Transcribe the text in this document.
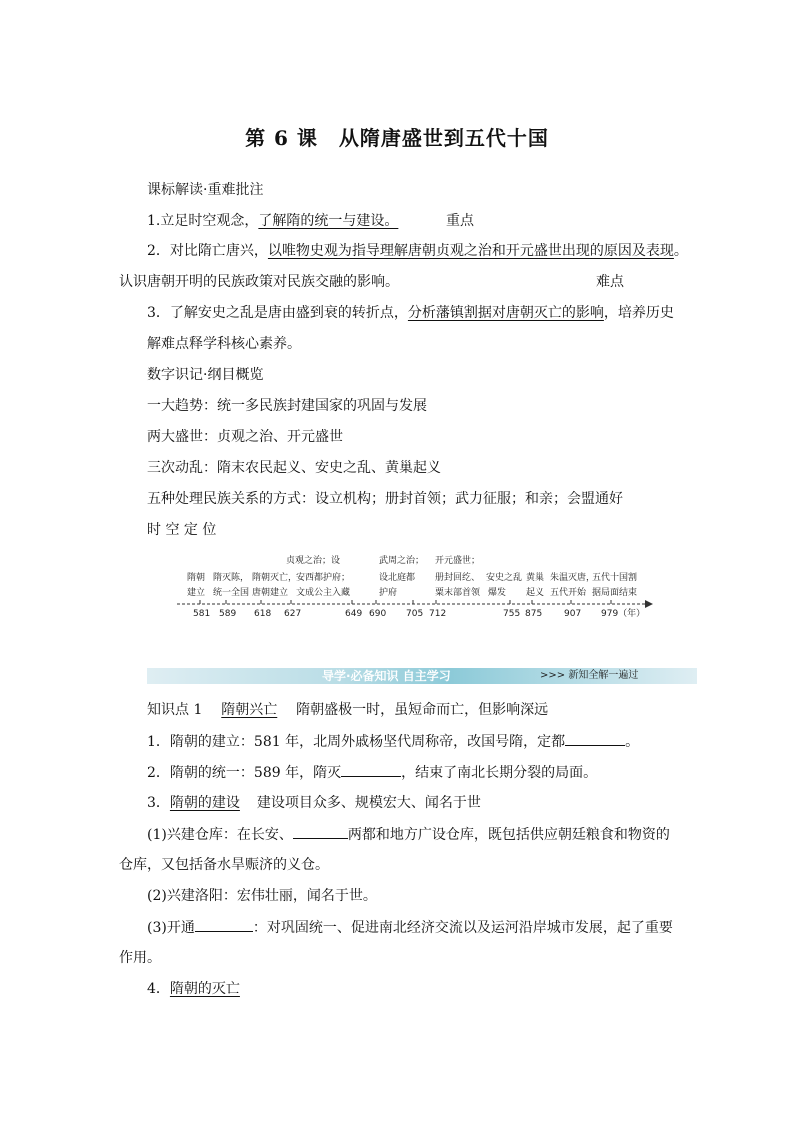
第 6 课　从隋唐盛世到五代十国
课标解读·重难批注
1.立足时空观念，了解隋的统一与建设。	重点
2．对比隋亡唐兴，以唯物史观为指导理解唐朝贞观之治和开元盛世出现的原因及表现。
认识唐朝开明的民族政策对民族交融的影响。	难点
3．了解安史之乱是唐由盛到衰的转折点，分析藩镇割据对唐朝灭亡的影响，培养历史
解难点释学科核心素养。
数字识记·纲目概览
一大趋势：统一多民族封建国家的巩固与发展
两大盛世：贞观之治、开元盛世
三次动乱：隋末农民起义、安史之乱、黄巢起义
五种处理民族关系的方式：设立机构；册封首领；武力征服；和亲；会盟通好
时 空 定 位
贞观之治；设	武周之治； 开元盛世；
隋朝 隋灭陈， 隋朝灭亡，
安西都护府；	设北庭都 册封回纥、 安史之乱 黄巢 朱温灭唐，
五代十国割
建立 统一全国 唐朝建立 文成公主入藏	护府	粟末部首领 爆发 起义 五代开始 据局面结束
581 589 618 627	649 690 705 712	755 875 907 979（年）
导学·必备知识 自主学习	>>> 新知全解一遍过
知识点 1 隋朝兴亡 隋朝盛极一时，虽短命而亡，但影响深远
1．隋朝的建立：581 年，北周外戚杨坚代周称帝，改国号隋，定都	。
2．隋朝的统一：589 年，隋灭	，结束了南北长期分裂的局面。
3．隋朝的建设 建设项目众多、规模宏大、闻名于世
(1)兴建仓库：在长安、	两都和地方广设仓库，既包括供应朝廷粮食和物资的
仓库，又包括备水旱赈济的义仓。
(2)兴建洛阳：宏伟壮丽，闻名于世。
(3)开通	：对巩固统一、促进南北经济交流以及运河沿岸城市发展，起了重要
作用。
4．隋朝的灭亡
